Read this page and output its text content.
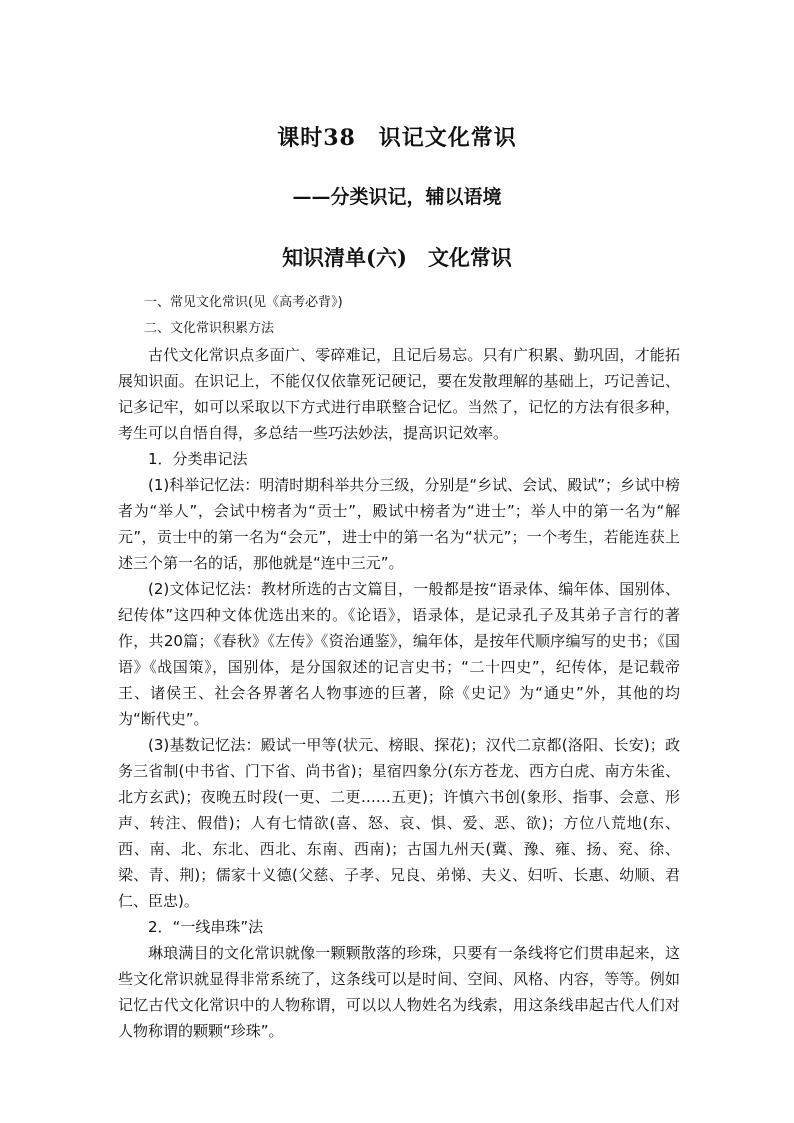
课时38　识记文化常识
——分类识记，辅以语境
知识清单(六)　文化常识

一、常见文化常识(见《高考必背》)

二、文化常识积累方法

古代文化常识点多面广、零碎难记，且记后易忘。只有广积累、勤巩固，才能拓展知识面。在识记上，不能仅仅依靠死记硬记，要在发散理解的基础上，巧记善记、记多记牢，如可以采取以下方式进行串联整合记忆。当然了，记忆的方法有很多种，考生可以自悟自得，多总结一些巧法妙法，提高识记效率。

1．分类串记法

(1)科举记忆法：明清时期科举共分三级，分别是“乡试、会试、殿试”；乡试中榜者为“举人”，会试中榜者为“贡士”，殿试中榜者为“进士”；举人中的第一名为“解元”，贡士中的第一名为“会元”，进士中的第一名为“状元”；一个考生，若能连获上述三个第一名的话，那他就是“连中三元”。

(2)文体记忆法：教材所选的古文篇目，一般都是按“语录体、编年体、国别体、纪传体”这四种文体优选出来的。《论语》，语录体，是记录孔子及其弟子言行的著作，共20篇；《春秋》《左传》《资治通鉴》，编年体，是按年代顺序编写的史书；《国语》《战国策》，国别体，是分国叙述的记言史书；“二十四史”，纪传体，是记载帝王、诸侯王、社会各界著名人物事迹的巨著，除《史记》为“通史”外，其他的均为“断代史”。

(3)基数记忆法：殿试一甲等(状元、榜眼、探花)；汉代二京都(洛阳、长安)；政务三省制(中书省、门下省、尚书省)；星宿四象分(东方苍龙、西方白虎、南方朱雀、北方玄武)；夜晚五时段(一更、二更……五更)；许慎六书创(象形、指事、会意、形声、转注、假借)；人有七情欲(喜、怒、哀、惧、爱、恶、欲)；方位八荒地(东、西、南、北、东北、西北、东南、西南)；古国九州天(冀、豫、雍、扬、兖、徐、梁、青、荆)；儒家十义德(父慈、子孝、兄良、弟悌、夫义、妇听、长惠、幼顺、君仁、臣忠)。

2．“一线串珠”法

琳琅满目的文化常识就像一颗颗散落的珍珠，只要有一条线将它们贯串起来，这些文化常识就显得非常系统了，这条线可以是时间、空间、风格、内容，等等。例如记忆古代文化常识中的人物称谓，可以以人物姓名为线索，用这条线串起古代人们对人物称谓的颗颗“珍珠”。
